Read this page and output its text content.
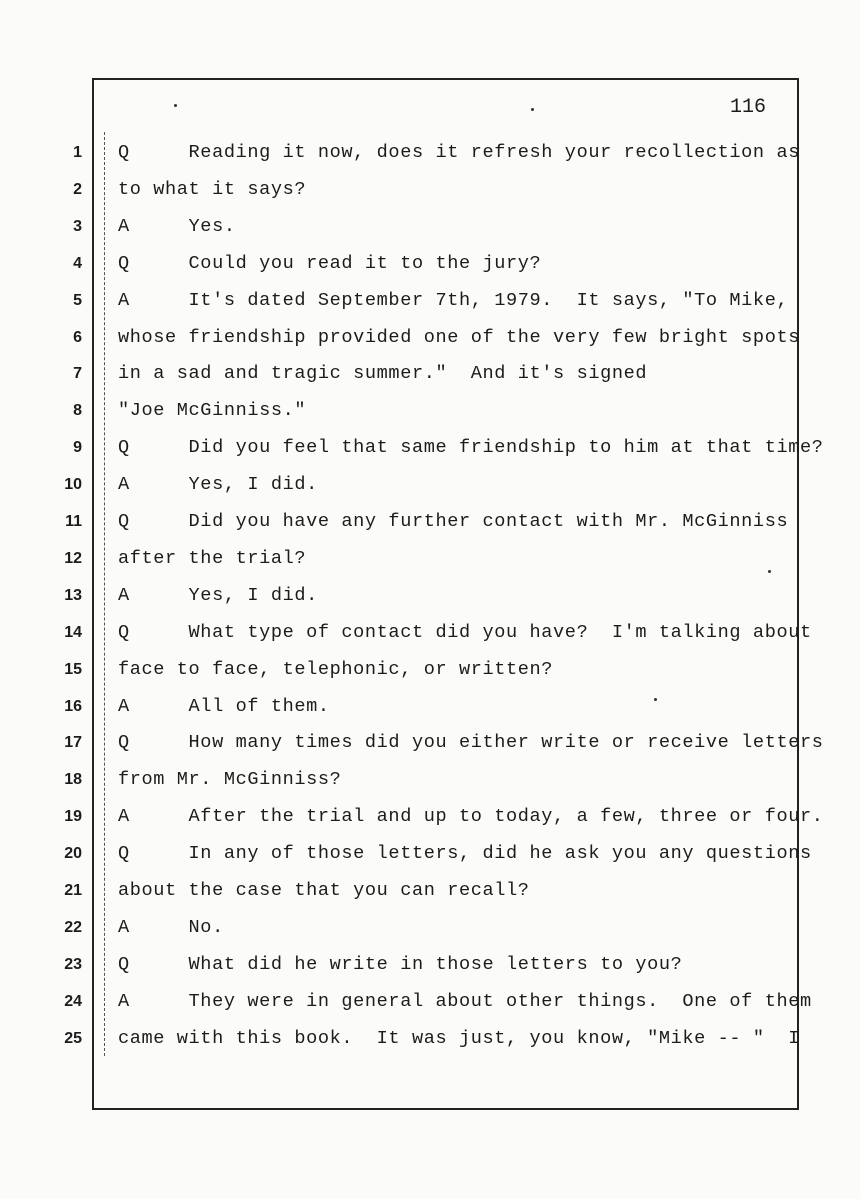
116
1 Q     Reading it now, does it refresh your recollection as
2 to what it says?
3 A     Yes.
4 Q     Could you read it to the jury?
5 A     It's dated September 7th, 1979.  It says, "To Mike,
6 whose friendship provided one of the very few bright spots
7 in a sad and tragic summer."  And it's signed
8 "Joe McGinniss."
9 Q     Did you feel that same friendship to him at that time?
10 A     Yes, I did.
11 Q     Did you have any further contact with Mr. McGinniss
12 after the trial?
13 A     Yes, I did.
14 Q     What type of contact did you have?  I'm talking about
15 face to face, telephonic, or written?
16 A     All of them.
17 Q     How many times did you either write or receive letters
18 from Mr. McGinniss?
19 A     After the trial and up to today, a few, three or four.
20 Q     In any of those letters, did he ask you any questions
21 about the case that you can recall?
22 A     No.
23 Q     What did he write in those letters to you?
24 A     They were in general about other things.  One of them
25 came with this book.  It was just, you know, "Mike -- "  I
